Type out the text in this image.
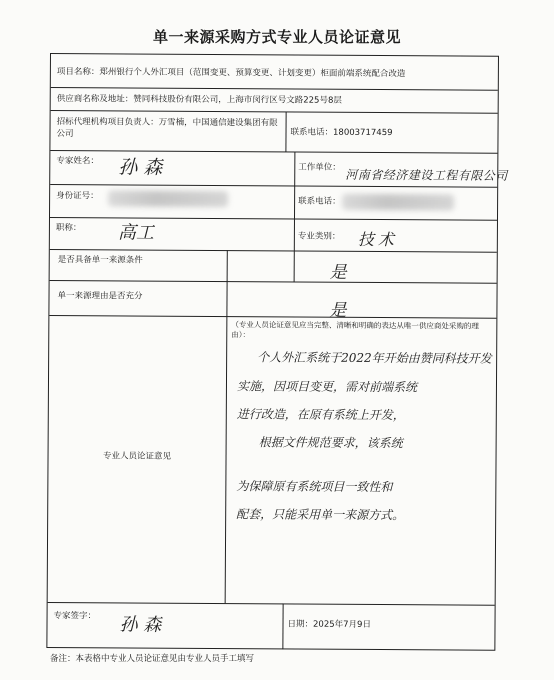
单一来源采购方式专业人员论证意见
项目名称：郑州银行个人外汇项目（范围变更、预算变更、计划变更）柜面前端系统配合改造
供应商名称及地址：赞同科技股份有限公司，上海市闵行区号文路225号8层
招标代理机构项目负责人：万雪楠，中国通信建设集团有限公司	联系电话：18003717459
专家姓名： 孙 森	工作单位：
河南省经济建设工程有限公司
身份证号：
联系电话：
职称： 高工	专业类别： 技术
是否具备单一来源条件
是
单一来源理由是否充分
是
专业人员论证意见
（专业人员论证意见应当完整、清晰和明确的表达从唯一供应商处采购的理由）：
个人外汇系统于2022年开始由赞同科技开发
实施，因项目变更，需对前端系统
进行改造，在原有系统上开发，
根据文件规范要求，该系统
为保障原有系统项目一致性和
配套，只能采用单一来源方式。
专家签字： 孙 森	日期：2025年7月9日
备注：本表格中专业人员论证意见由专业人员手工填写
